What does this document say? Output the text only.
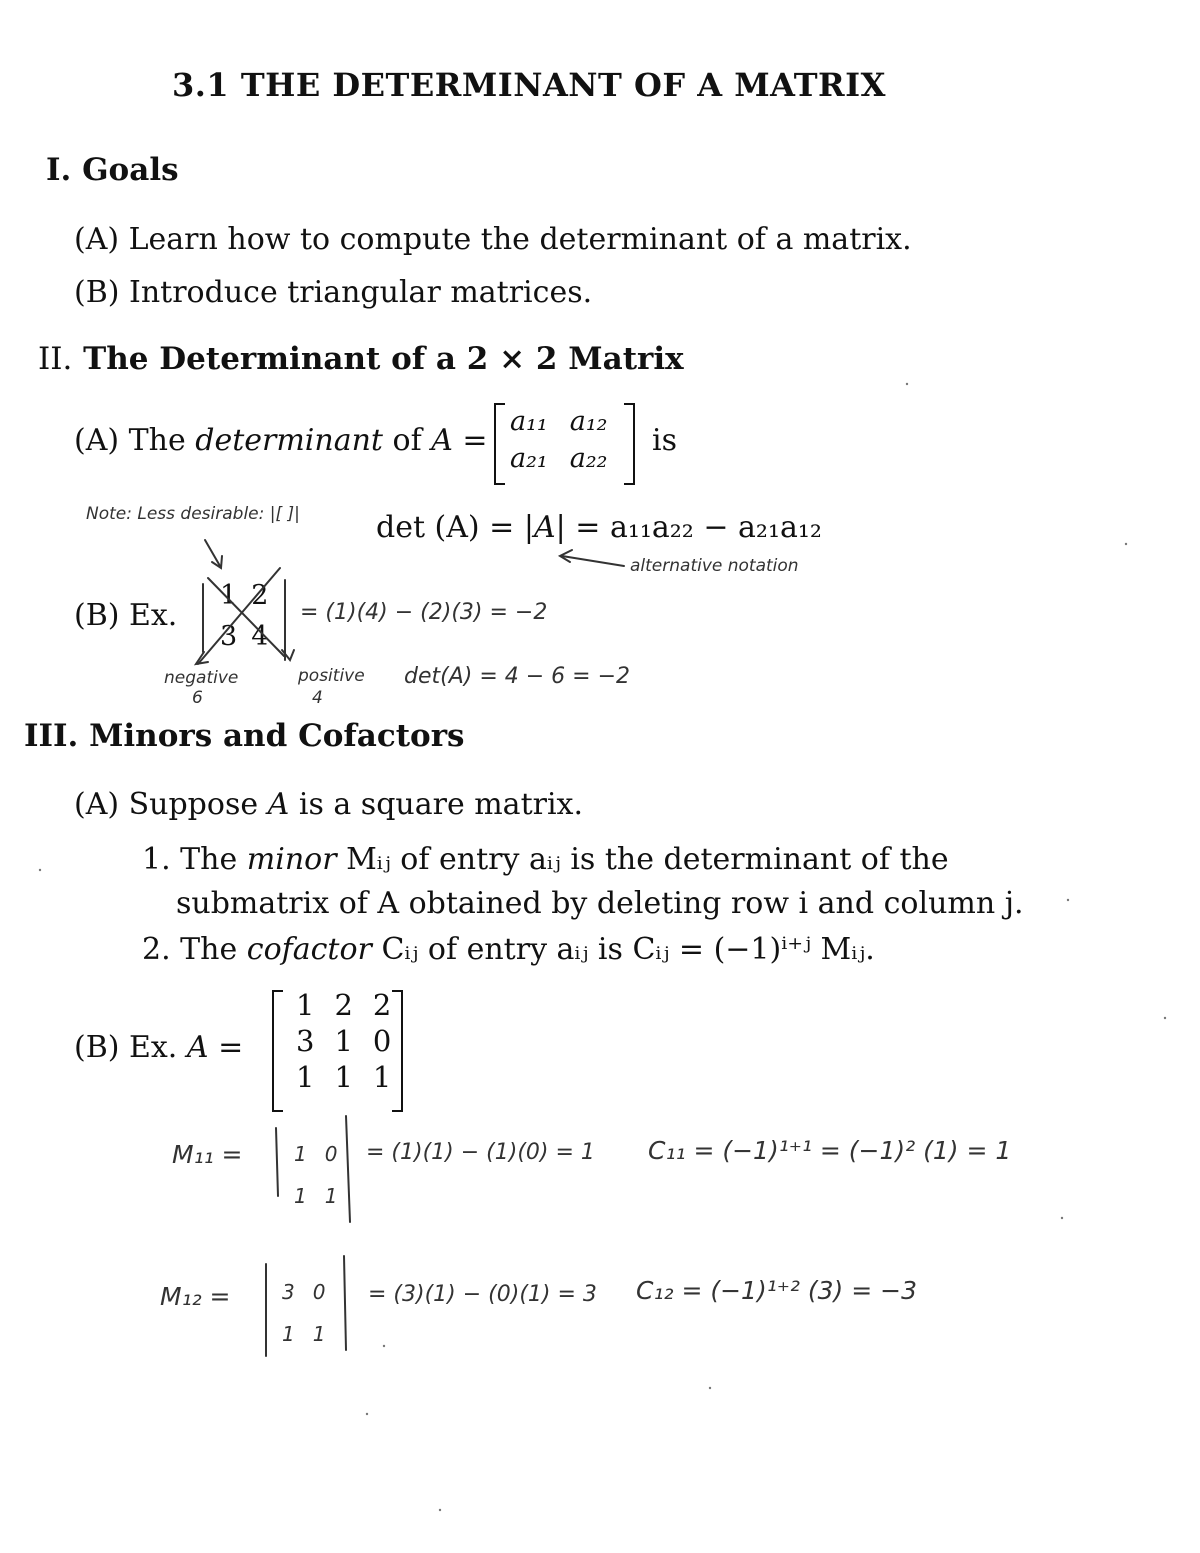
3.1 THE DETERMINANT OF A MATRIX
I. Goals
(A) Learn how to compute the determinant of a matrix.
(B) Introduce triangular matrices.
II. The Determinant of a 2 × 2 Matrix
(A) The determinant of A =
a₁₁ a₁₂
a₂₁ a₂₂
is
det (A) = |A| = a₁₁a₂₂ − a₂₁a₁₂
(B) Ex.
1 2
3 4
III. Minors and Cofactors
(A) Suppose A is a square matrix.
1. The minor Mᵢⱼ of entry aᵢⱼ is the determinant of the
submatrix of A obtained by deleting row i and column j.
2. The cofactor Cᵢⱼ of entry aᵢⱼ is Cᵢⱼ = (−1)ⁱ⁺ʲ Mᵢⱼ.
(B) Ex. A =
1 2 2
3 1 0
1 1 1
Note: Less desirable: |[ ]|
alternative notation
= (1)(4) − (2)(3) = −2
negative
6
positive
4
det(A) = 4 − 6 = −2
M₁₁ =	1 0
1 1
= (1)(1) − (1)(0) = 1 C₁₁ = (−1)¹⁺¹ = (−1)² (1) = 1
M₁₂ =	3 0
1 1
= (3)(1) − (0)(1) = 3 C₁₂ = (−1)¹⁺² (3) = −3
